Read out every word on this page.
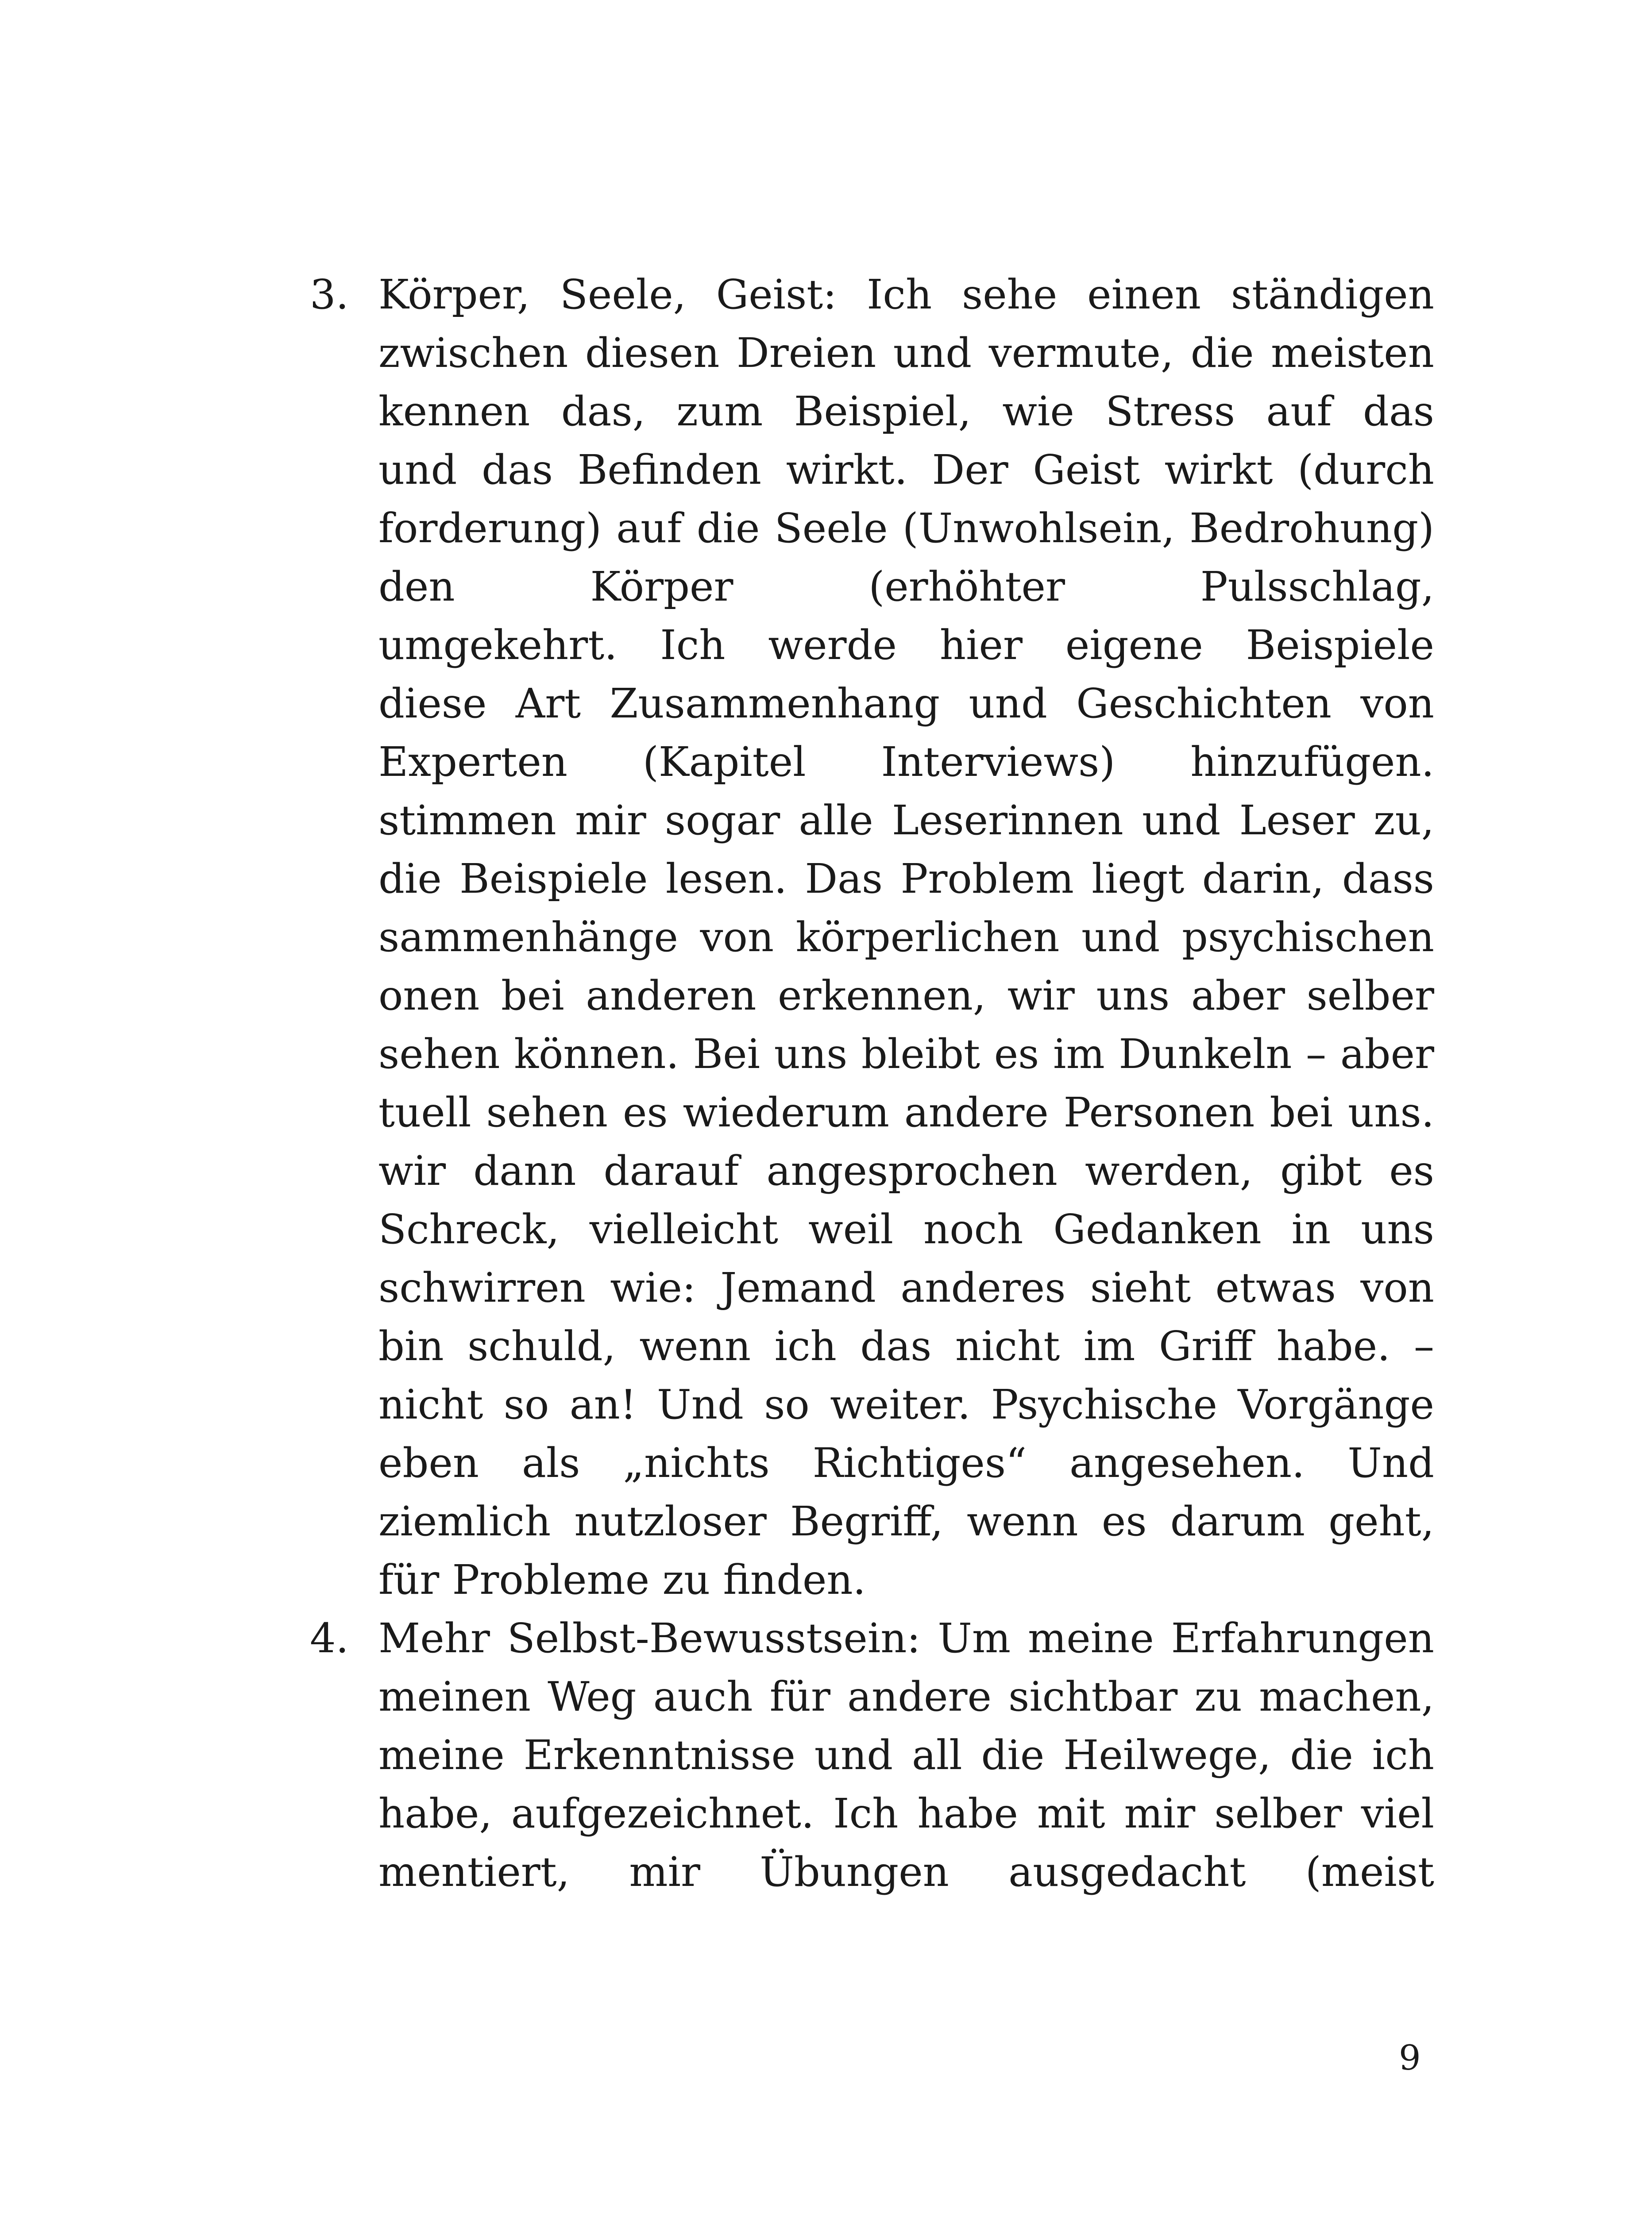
3. Körper, Seele, Geist: Ich sehe einen ständigen
zwischen diesen Dreien und vermute, die meisten
kennen das, zum Beispiel, wie Stress auf das
und das Befinden wirkt. Der Geist wirkt (durch
forderung) auf die Seele (Unwohlsein, Bedrohung)
den Körper (erhöhter Pulsschlag,
umgekehrt. Ich werde hier eigene Beispiele
diese Art Zusammenhang und Geschichten von
Experten (Kapitel Interviews) hinzufügen.
stimmen mir sogar alle Leserinnen und Leser zu,
die Beispiele lesen. Das Problem liegt darin, dass
sammenhänge von körperlichen und psychischen
onen bei anderen erkennen, wir uns aber selber
sehen können. Bei uns bleibt es im Dunkeln – aber
tuell sehen es wiederum andere Personen bei uns.
wir dann darauf angesprochen werden, gibt es
Schreck, vielleicht weil noch Gedanken in uns
schwirren wie: Jemand anderes sieht etwas von
bin schuld, wenn ich das nicht im Griff habe. –
nicht so an! Und so weiter. Psychische Vorgänge
eben als „nichts Richtiges“ angesehen. Und
ziemlich nutzloser Begriff, wenn es darum geht,
für Probleme zu finden.
4. Mehr Selbst-Bewusstsein: Um meine Erfahrungen
meinen Weg auch für andere sichtbar zu machen,
meine Erkenntnisse und all die Heilwege, die ich
habe, aufgezeichnet. Ich habe mit mir selber viel
mentiert, mir Übungen ausgedacht (meist
9
